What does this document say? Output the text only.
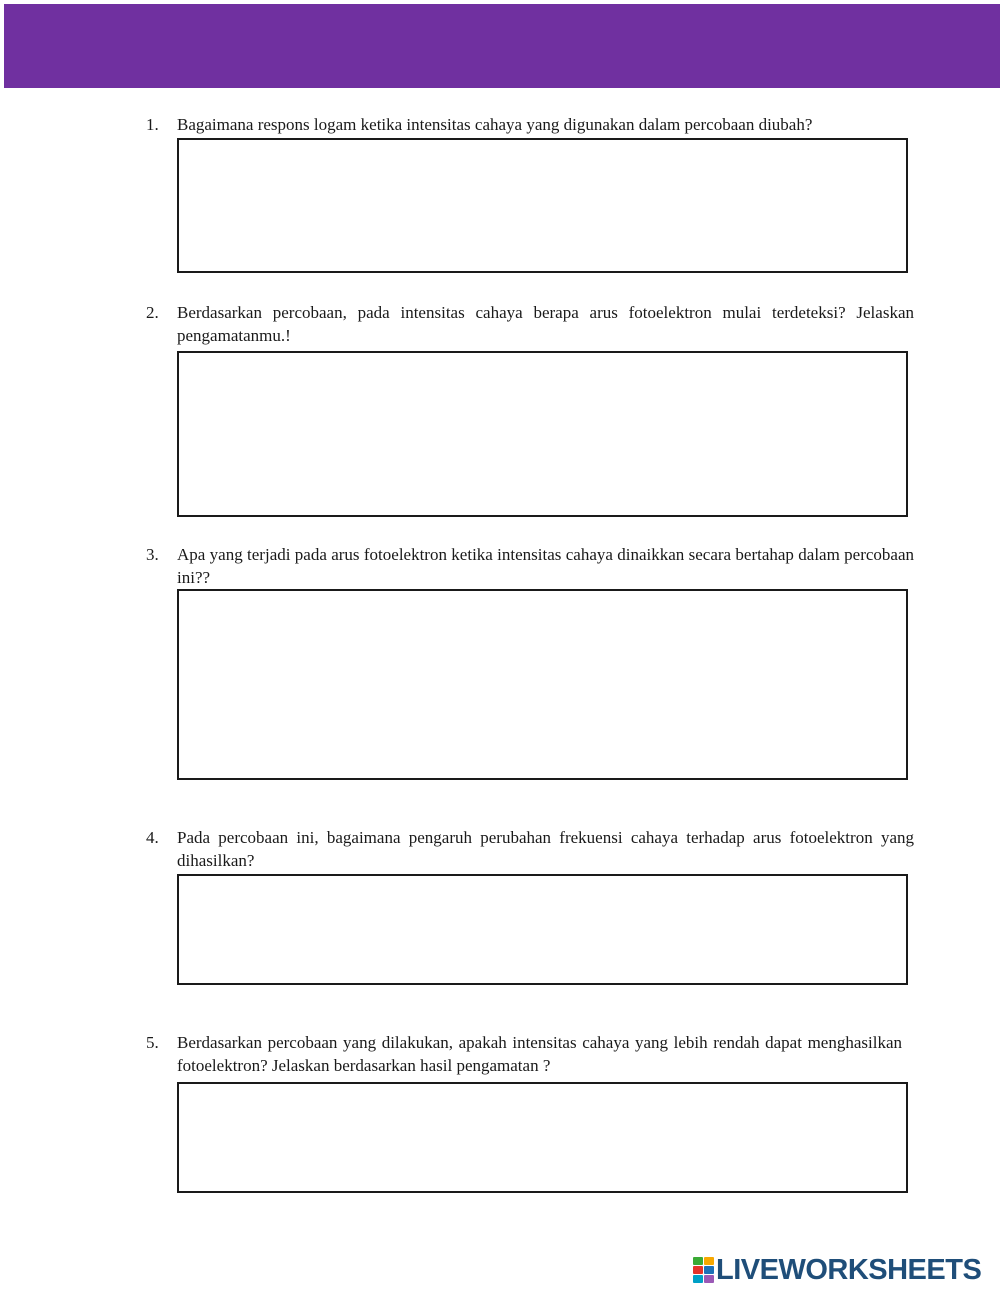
1. Bagaimana respons logam ketika intensitas cahaya yang digunakan dalam percobaan diubah?
2. Berdasarkan percobaan, pada intensitas cahaya berapa arus fotoelektron mulai terdeteksi? Jelaskan pengamatanmu.!
3. Apa yang terjadi pada arus fotoelektron ketika intensitas cahaya dinaikkan secara bertahap dalam percobaan ini??
4. Pada percobaan ini, bagaimana pengaruh perubahan frekuensi cahaya terhadap arus fotoelektron yang dihasilkan?
5. Berdasarkan percobaan yang dilakukan, apakah intensitas cahaya yang lebih rendah dapat menghasilkan fotoelektron? Jelaskan berdasarkan hasil pengamatan ?
LIVEWORKSHEETS
